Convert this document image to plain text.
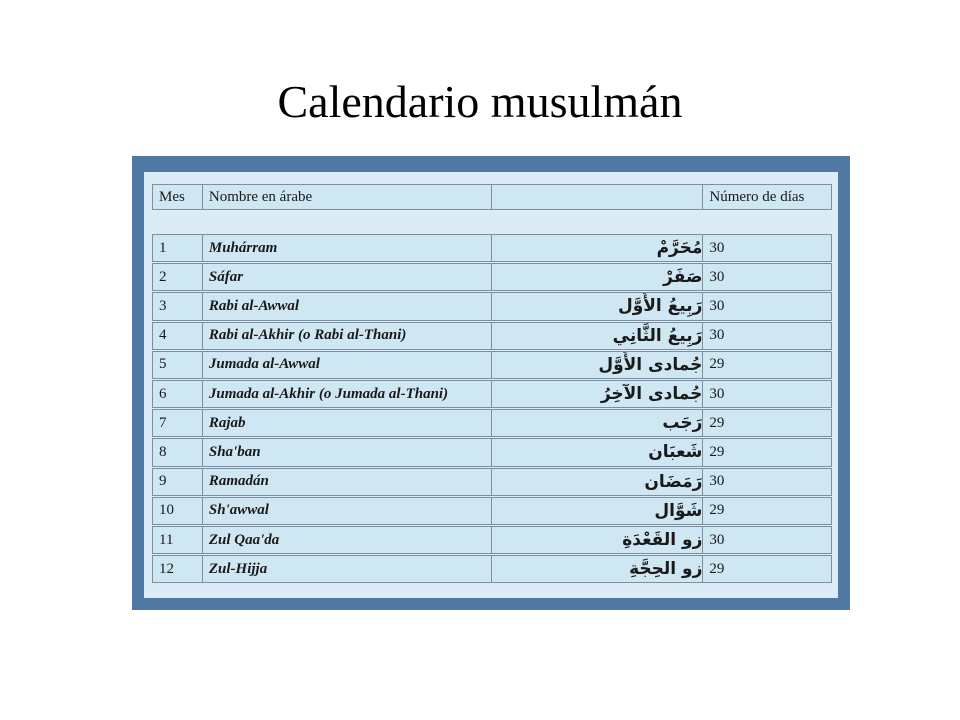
Calendario musulmán
Mes	Nombre en árabe	Número de días
1	Muhárram	مُحَرَّمْ 30
2	Sáfar	صَفَرْ 30
3	Rabi al-Awwal	رَبِيعُ الأَوَّل 30
4	Rabi al-Akhir (o Rabi al-Thani)	رَبِيعُ الثَّانِي 30
5	Jumada al-Awwal	جُمادى الأَوَّل 29
6	Jumada al-Akhir (o Jumada al-Thani)	جُمادى الآخِرُ 30
7	Rajab	رَجَب 29
8	Sha'ban	شَعبَان 29
9	Ramadán	رَمَضَان 30
10	Sh'awwal	شَوَّال 29
11	Zul Qaa'da	زو القَعْدَةِ 30
12	Zul-Hijja	زو الحِجَّةِ 29
